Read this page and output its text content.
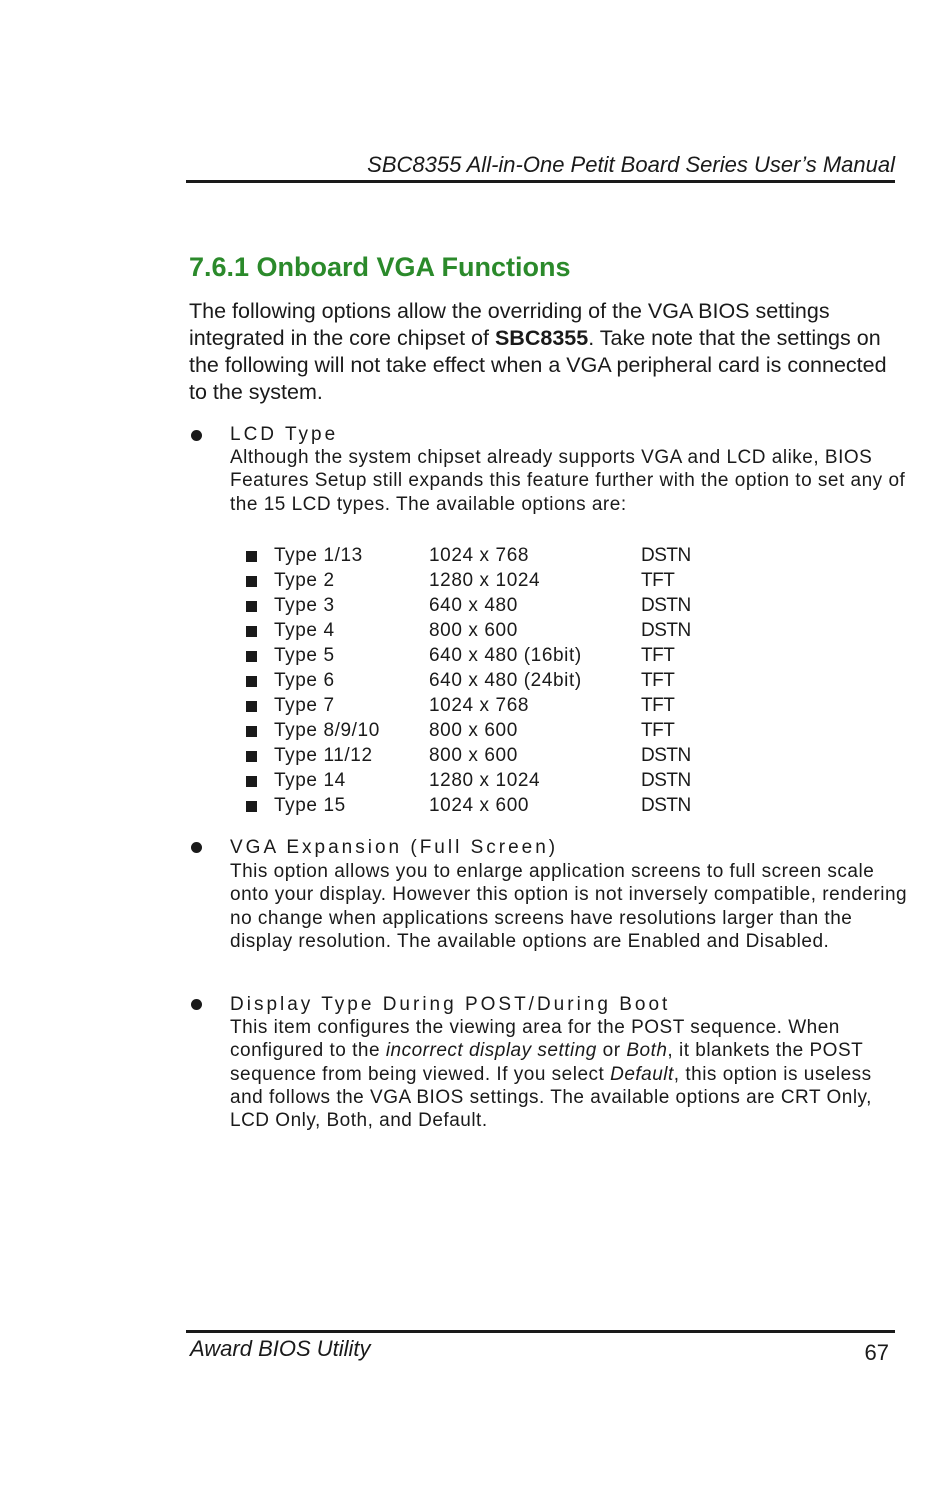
SBC8355 All-in-One Petit Board Series User’s Manual
7.6.1 Onboard VGA Functions

The following options allow the overriding of the VGA BIOS settings integrated in the core chipset of SBC8355. Take note that the settings on the following will not take effect when a VGA peripheral card is connected to the system.

LCD Type

Although the system chipset already supports VGA and LCD alike, BIOS Features Setup still expands this feature further with the option to set any of the 15 LCD types. The available options are:

Type 1/13	1024 x 768	DSTN
Type 2	1280 x 1024	TFT
Type 3	640 x 480	DSTN
Type 4	800 x 600	DSTN
Type 5	640 x 480 (16bit)	TFT
Type 6	640 x 480 (24bit)	TFT
Type 7	1024 x 768	TFT
Type 8/9/10	800 x 600	TFT
Type 11/12	800 x 600	DSTN
Type 14	1280 x 1024	DSTN
Type 15	1024 x 600	DSTN
VGA Expansion (Full Screen)

This option allows you to enlarge application screens to full screen scale onto your display. However this option is not inversely compatible, rendering no change when applications screens have resolutions larger than the display resolution. The available options are Enabled and Disabled.

Display Type During POST/During Boot

This item configures the viewing area for the POST sequence. When configured to the incorrect display setting or Both, it blankets the POST sequence from being viewed. If you select Default, this option is useless and follows the VGA BIOS settings. The available options are CRT Only, LCD Only, Both, and Default.

Award BIOS Utility	67
